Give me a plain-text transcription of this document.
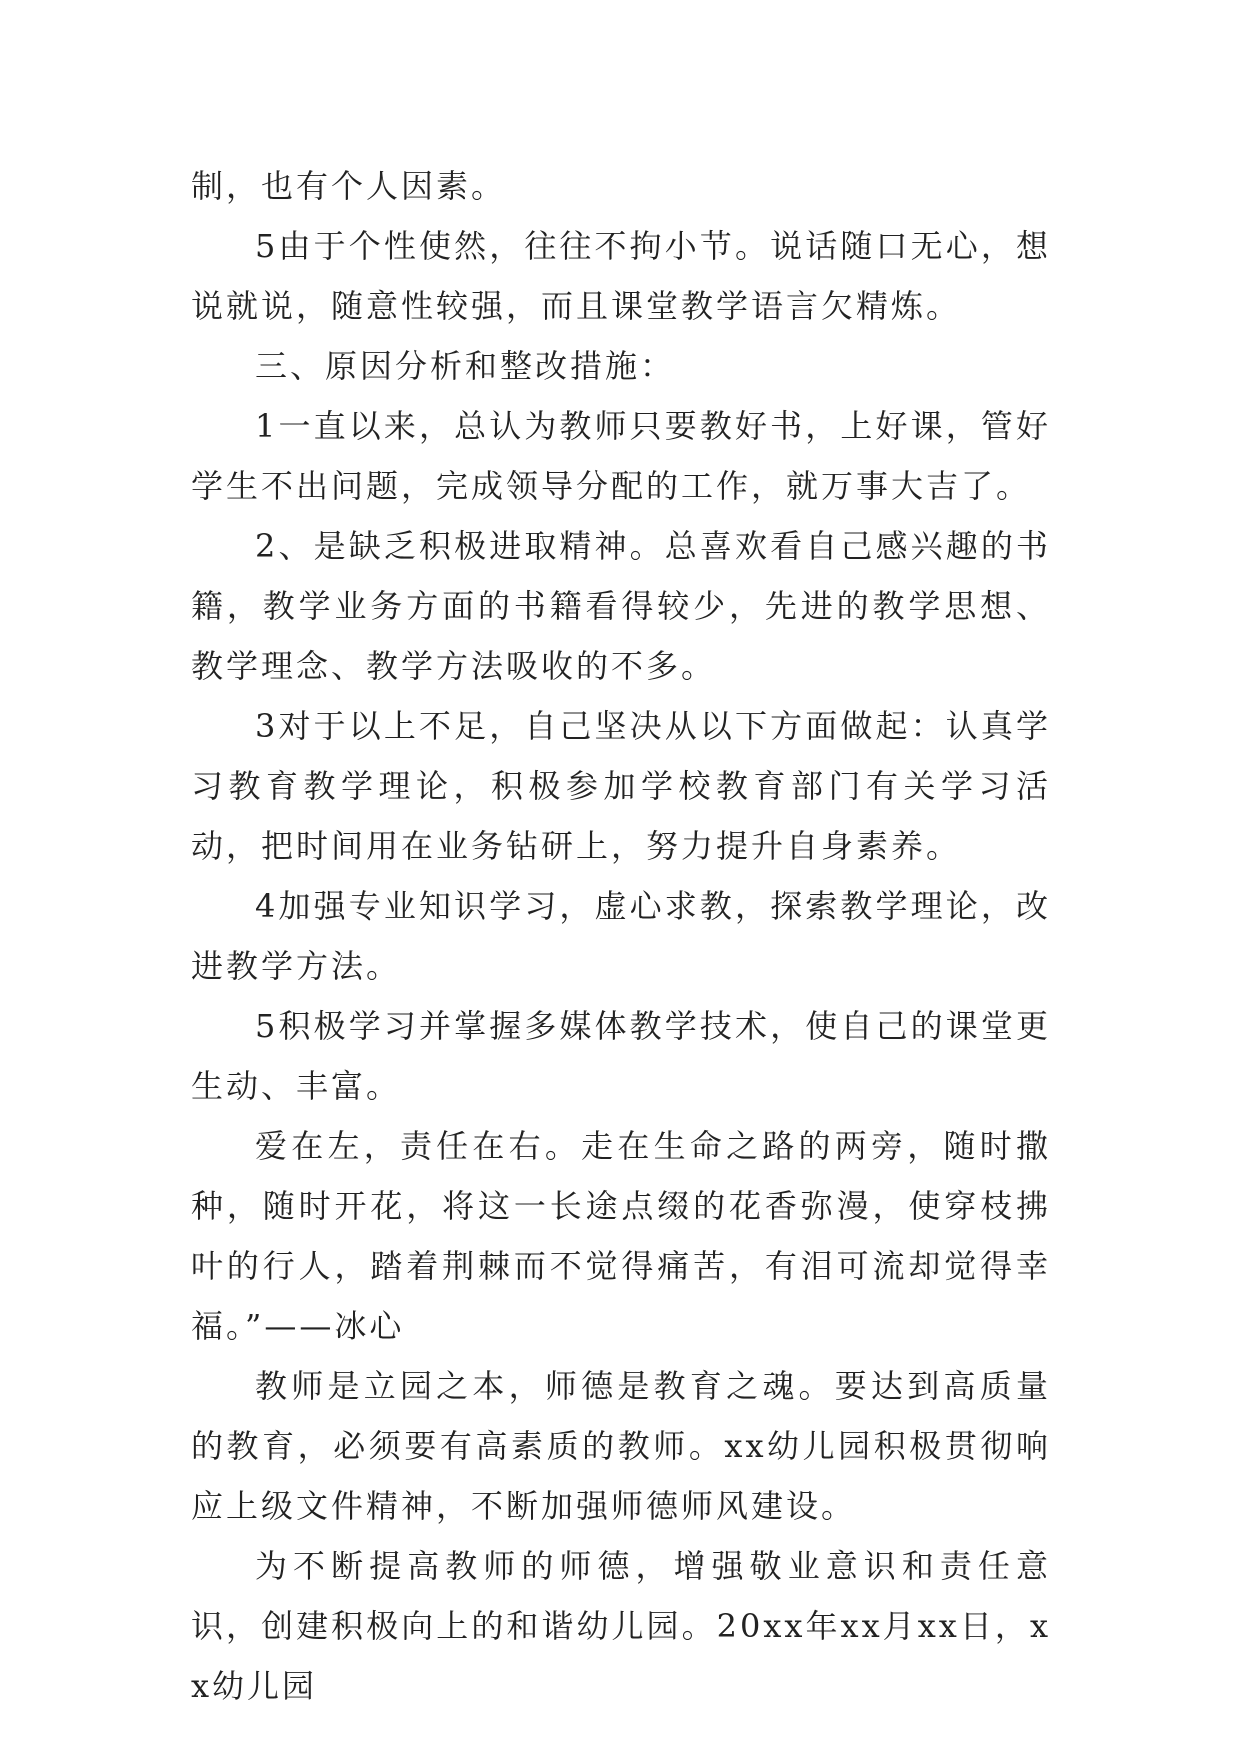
制，也有个人因素。

5由于个性使然，往往不拘小节。说话随口无心，想说就说，随意性较强，而且课堂教学语言欠精炼。

三、原因分析和整改措施：

1一直以来，总认为教师只要教好书，上好课，管好学生不出问题，完成领导分配的工作，就万事大吉了。

2、是缺乏积极进取精神。总喜欢看自己感兴趣的书籍，教学业务方面的书籍看得较少，先进的教学思想、教学理念、教学方法吸收的不多。

3对于以上不足，自己坚决从以下方面做起：认真学习教育教学理论，积极参加学校教育部门有关学习活动，把时间用在业务钻研上，努力提升自身素养。

4加强专业知识学习，虚心求教，探索教学理论，改进教学方法。

5积极学习并掌握多媒体教学技术，使自己的课堂更生动、丰富。

爱在左，责任在右。走在生命之路的两旁，随时撒种，随时开花，将这一长途点缀的花香弥漫，使穿枝拂叶的行人，踏着荆棘而不觉得痛苦，有泪可流却觉得幸福。”——冰心

教师是立园之本，师德是教育之魂。要达到高质量的教育，必须要有高素质的教师。xx幼儿园积极贯彻响应上级文件精神，不断加强师德师风建设。

为不断提高教师的师德，增强敬业意识和责任意识，创建积极向上的和谐幼儿园。20xx年xx月xx日，xx幼儿园
